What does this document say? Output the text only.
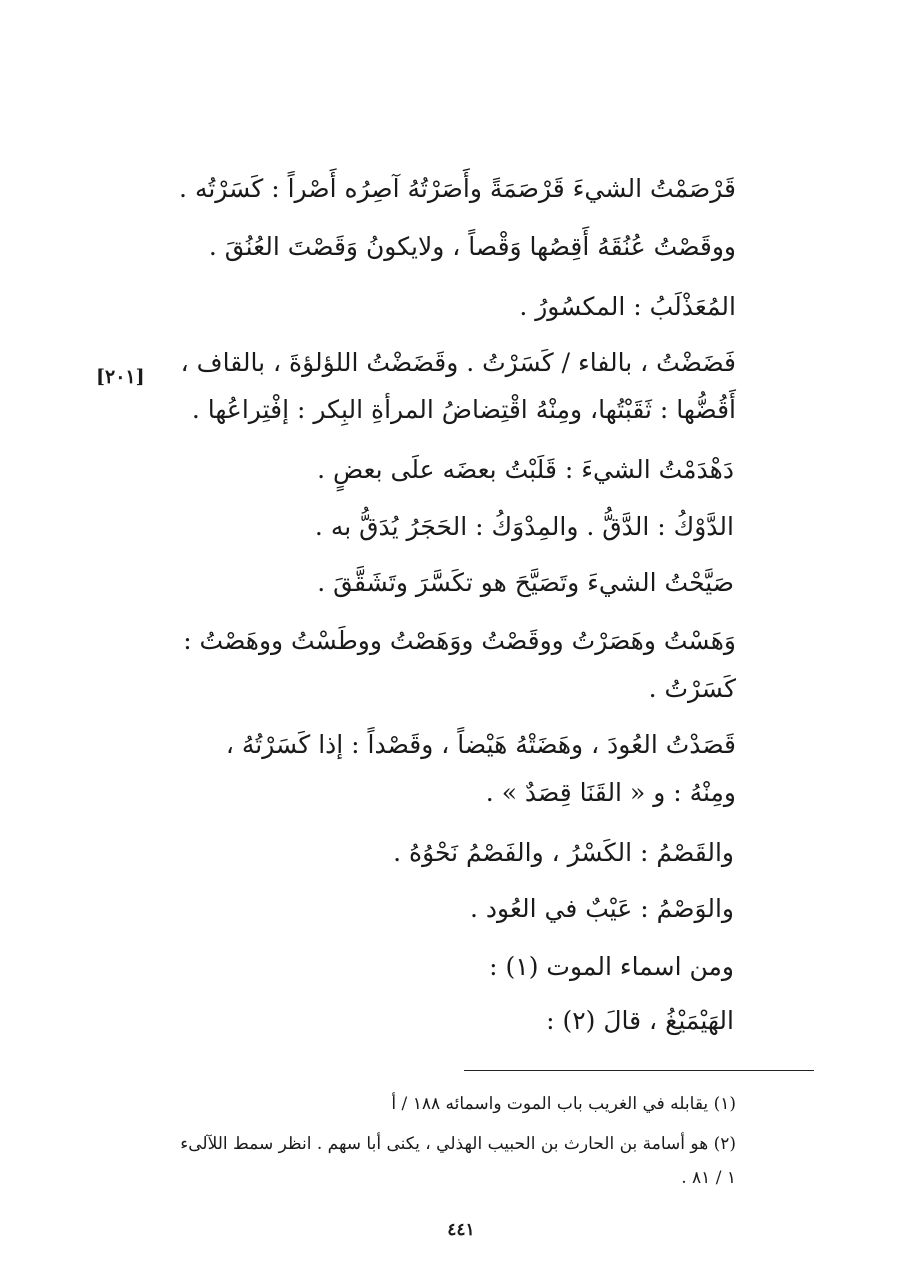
قَرْصَمْتُ الشيءَ قَرْصَمَةً وأَصَرْتُهُ آصِرُه أَصْراً : كَسَرْتُه .
ووقَصْتُ عُنُقَهُ أَقِصُها وَقْصاً ، ولايكونُ وَقَصْتَ العُنُقَ .
المُعَذْلَبُ : المكسُورُ .
فَضَضْتُ ، بالفاء / كَسَرْتُ . وقَضَضْتُ اللؤلؤةَ ، بالقاف ،
أَقُضُّها : ثَقَبْتُها، ومِنْهُ اقْتِضاضُ المرأةِ البِكر : إفْتِراعُها .
دَهْدَمْتُ الشيءَ : قَلَبْتُ بعضَه علَى بعضٍ .
الدَّوْكُ : الدَّقُّ . والمِدْوَكُ : الحَجَرُ يُدَقُّ به .
صَيَّحْتُ الشيءَ وتَصَيَّحَ هو تكَسَّرَ وتَشَقَّقَ .
وَهَسْتُ وهَصَرْتُ ووقَصْتُ ووَهَصْتُ ووطَسْتُ ووهَصْتُ :
كَسَرْتُ .
قَصَدْتُ العُودَ ، وهَضَتْهُ هَيْضاً ، وقَصْداً : إذا كَسَرْتُهُ ،
ومِنْهُ : و « القَنَا قِصَدٌ » .
والقَصْمُ : الكَسْرُ ، والفَصْمُ نَحْوُهُ .
والوَصْمُ : عَيْبٌ في العُود .
ومن اسماء الموت (١) :
الهَيْمَيْغُ ، قالَ (٢) :
[٢٠١]
(١) يقابله في الغريب باب الموت واسمائه ١٨٨ / أ
(٢) هو أسامة بن الحارث بن الحبيب الهذلي ، يكنى أبا سهم . انظر سمط اللآلىء
١ / ٨١ .
٤٤١
